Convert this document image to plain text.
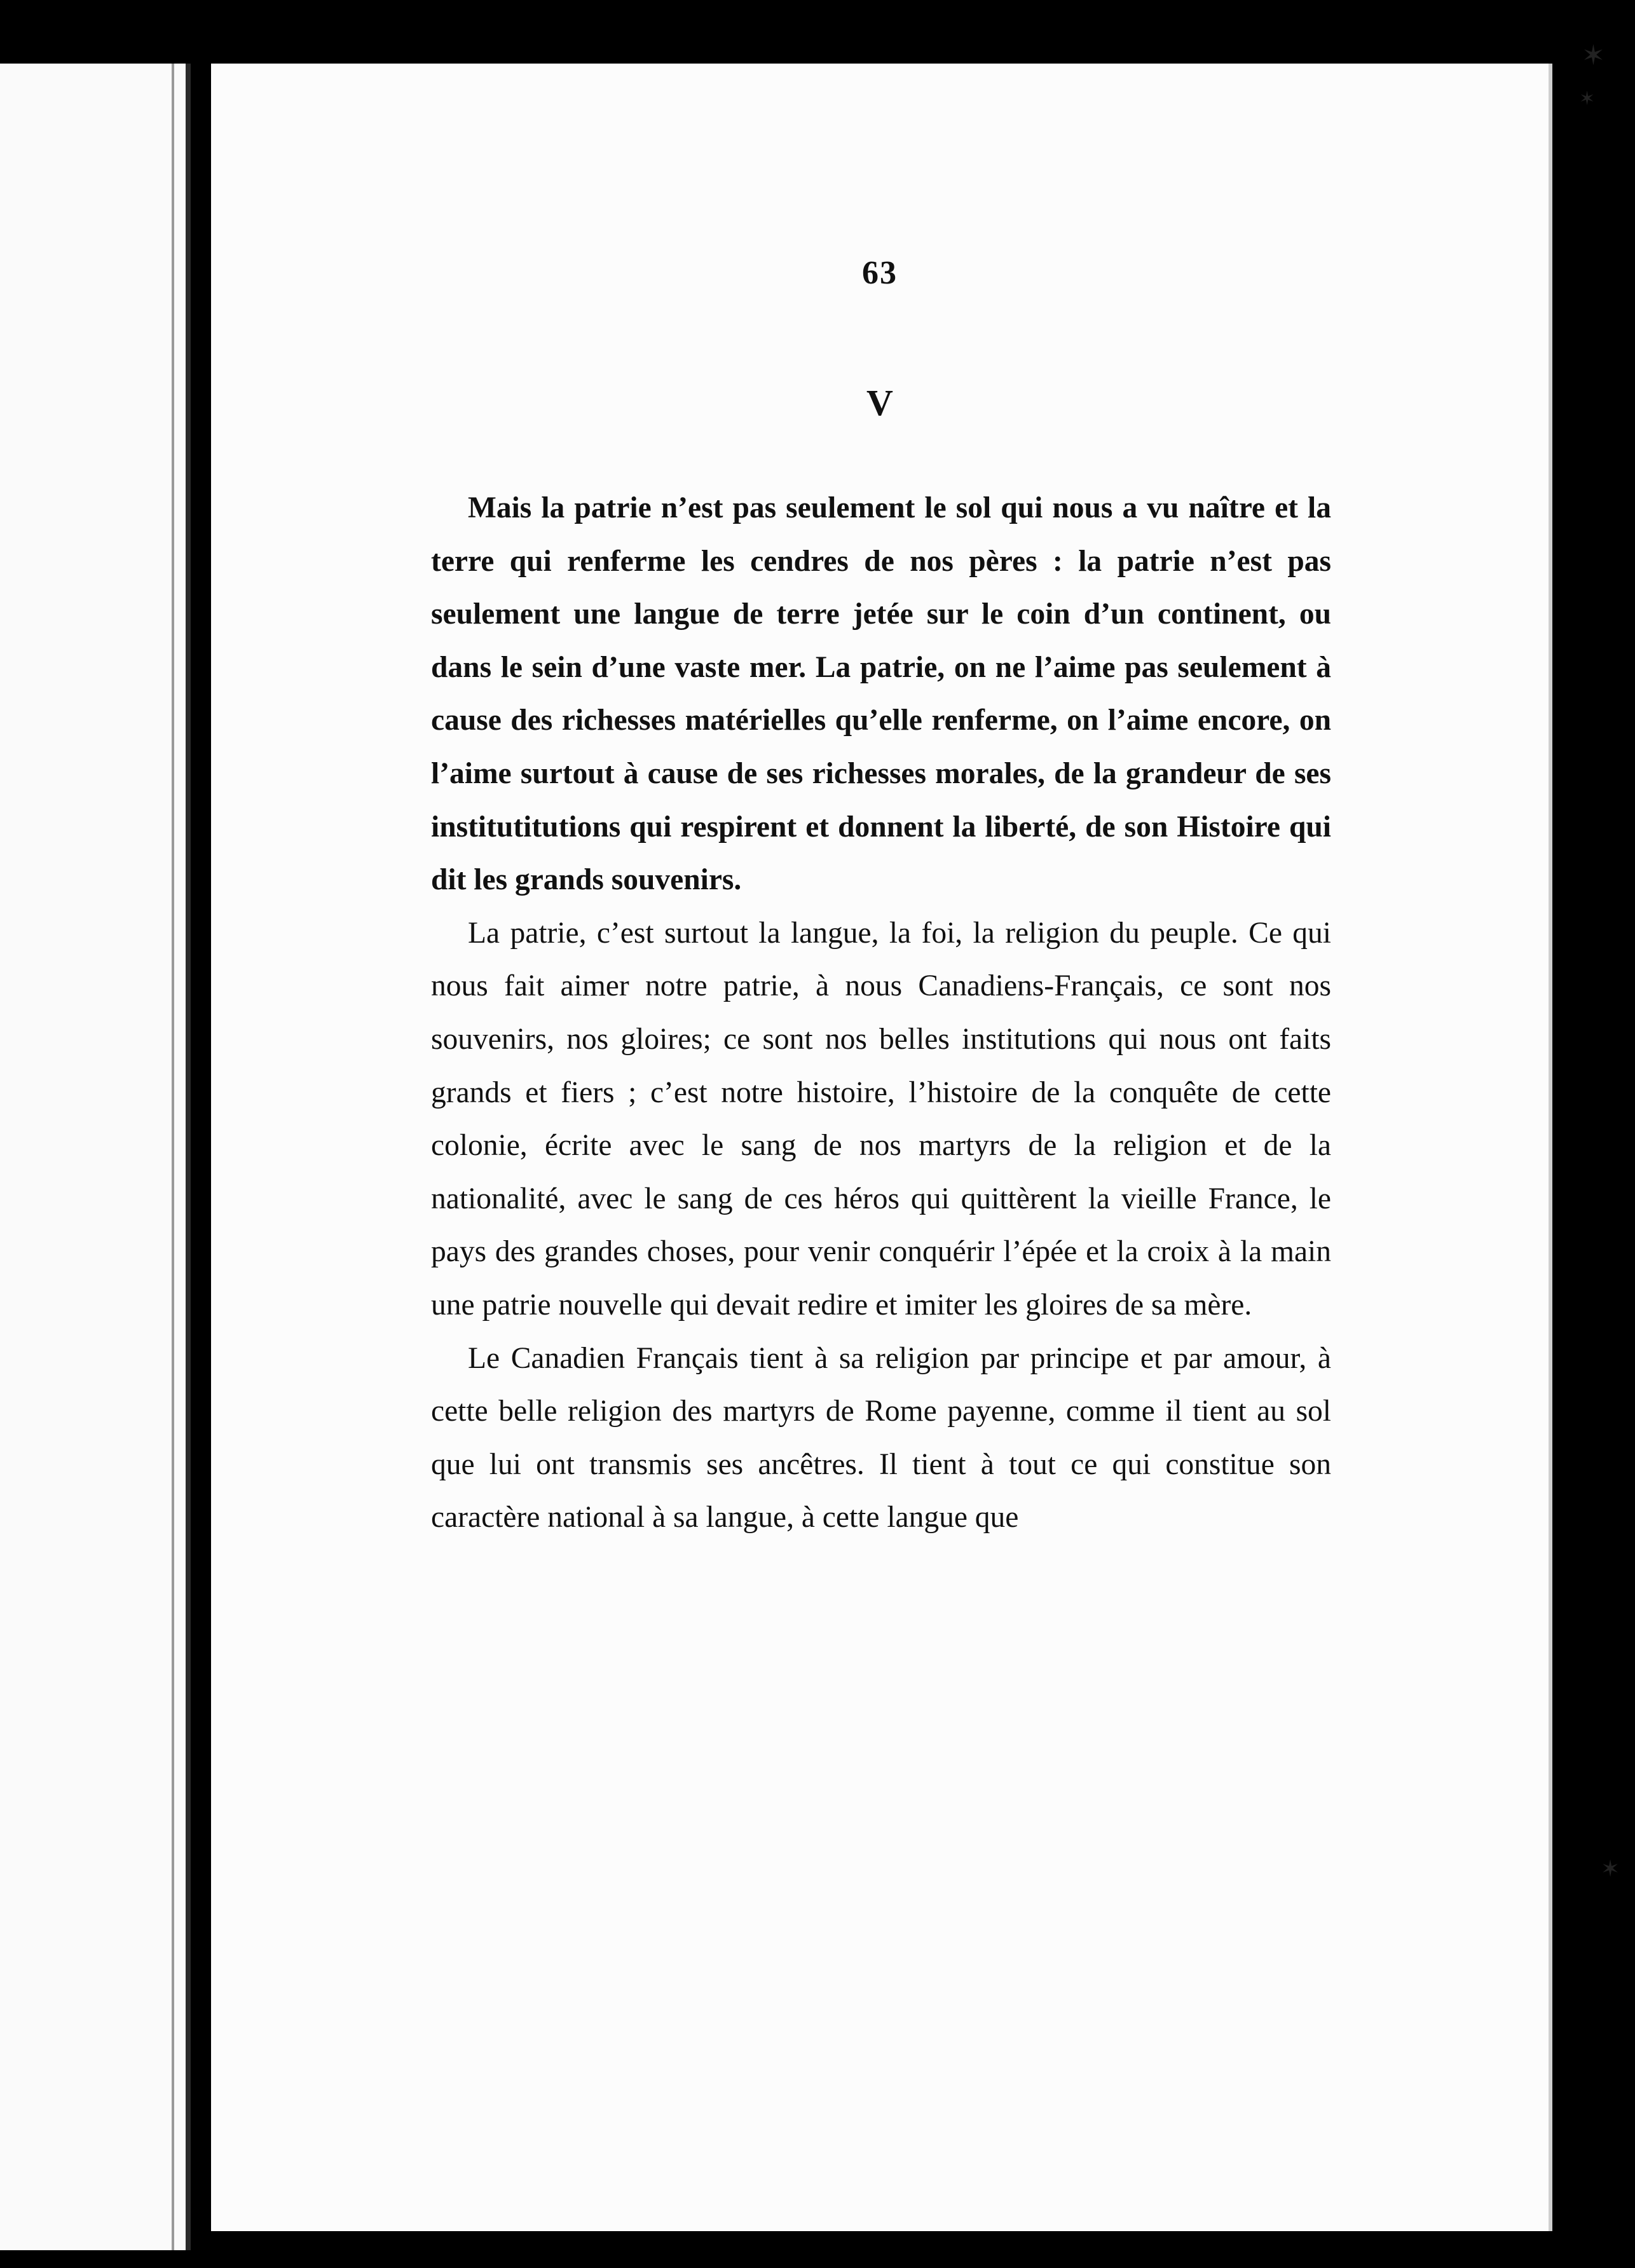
63
V

Mais la patrie n’est pas seulement le sol qui nous a vu naître et la terre qui renferme les cendres de nos pères : la patrie n’est pas seulement une langue de terre jetée sur le coin d’un continent, ou dans le sein d’une vaste mer. La patrie, on ne l’aime pas seulement à cause des richesses matérielles qu’elle renferme, on l’aime encore, on l’aime surtout à cause de ses richesses morales, de la grandeur de ses institutitutions qui respirent et donnent la liberté, de son Histoire qui dit les grands souvenirs.

La patrie, c’est surtout la langue, la foi, la religion du peuple. Ce qui nous fait aimer notre patrie, à nous Canadiens-Français, ce sont nos souvenirs, nos gloires; ce sont nos belles institutions qui nous ont faits grands et fiers ; c’est notre histoire, l’histoire de la conquête de cette colonie, écrite avec le sang de nos martyrs de la religion et de la nationalité, avec le sang de ces héros qui quittèrent la vieille France, le pays des grandes choses, pour venir conquérir l’épée et la croix à la main une patrie nouvelle qui devait redire et imiter les gloires de sa mère.

Le Canadien Français tient à sa religion par principe et par amour, à cette belle religion des martyrs de Rome payenne, comme il tient au sol que lui ont transmis ses ancêtres. Il tient à tout ce qui constitue son caractère national à sa langue, à cette langue que

✶
✶
✶
